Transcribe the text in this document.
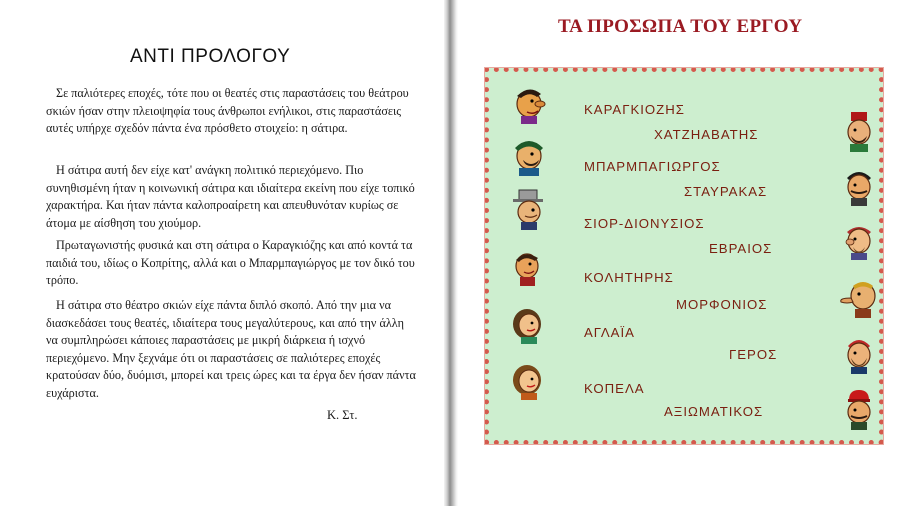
ΑΝΤΙ ΠΡΟΛΟΓΟΥ

Σε παλιότερες εποχές, τότε που οι θεατές στις παραστάσεις του θεάτρου σκιών ήσαν στην πλειοψηφία τους άνθρωποι ενήλικοι, στις παραστάσεις αυτές υπήρχε σχεδόν πάντα ένα πρόσθετο στοιχείο: η σάτιρα.

Η σάτιρα αυτή δεν είχε κατ' ανάγκη πολιτικό περιεχόμενο. Πιο συνηθισμένη ήταν η κοινωνική σάτιρα και ιδιαίτερα εκείνη που είχε τοπικό χαρακτήρα. Και ήταν πάντα καλοπροαίρετη και απευθυνόταν κυρίως σε άτομα με αίσθηση του χιούμορ.

Πρωταγωνιστής φυσικά και στη σάτιρα ο Καραγκιόζης και από κοντά τα παιδιά του, ιδίως ο Κοπρίτης, αλλά και ο Μπαρμπαγιώργος με τον δικό του τρόπο.

Η σάτιρα στο θέατρο σκιών είχε πάντα διπλό σκοπό. Από την μια να διασκεδάσει τους θεατές, ιδιαίτερα τους μεγαλύτερους, και από την άλλη να συμπληρώσει κάποιες παραστάσεις με μικρή διάρκεια ή ισχνό περιεχόμενο. Μην ξεχνάμε ότι οι παραστάσεις σε παλιότερες εποχές κρατούσαν δύο, δυόμισι, μπορεί και τρεις ώρες και τα έργα δεν ήσαν πάντα ευχάριστα.

Κ. Στ.
ΤΑ ΠΡΟΣΩΠΑ ΤΟΥ ΕΡΓΟΥ
ΚΑΡΑΓΚΙΟΖΗΣ
ΧΑΤΖΗΑΒΑΤΗΣ
ΜΠΑΡΜΠΑΓΙΩΡΓΟΣ
ΣΤΑΥΡΑΚΑΣ
ΣΙΟΡ-ΔΙΟΝΥΣΙΟΣ
ΕΒΡΑΙΟΣ
ΚΟΛΗΤΗΡΗΣ
ΜΟΡΦΟΝΙΟΣ
ΑΓΛΑΪΑ
ΓΕΡΟΣ
ΚΟΠΕΛΑ
ΑΞΙΩΜΑΤΙΚΟΣ
